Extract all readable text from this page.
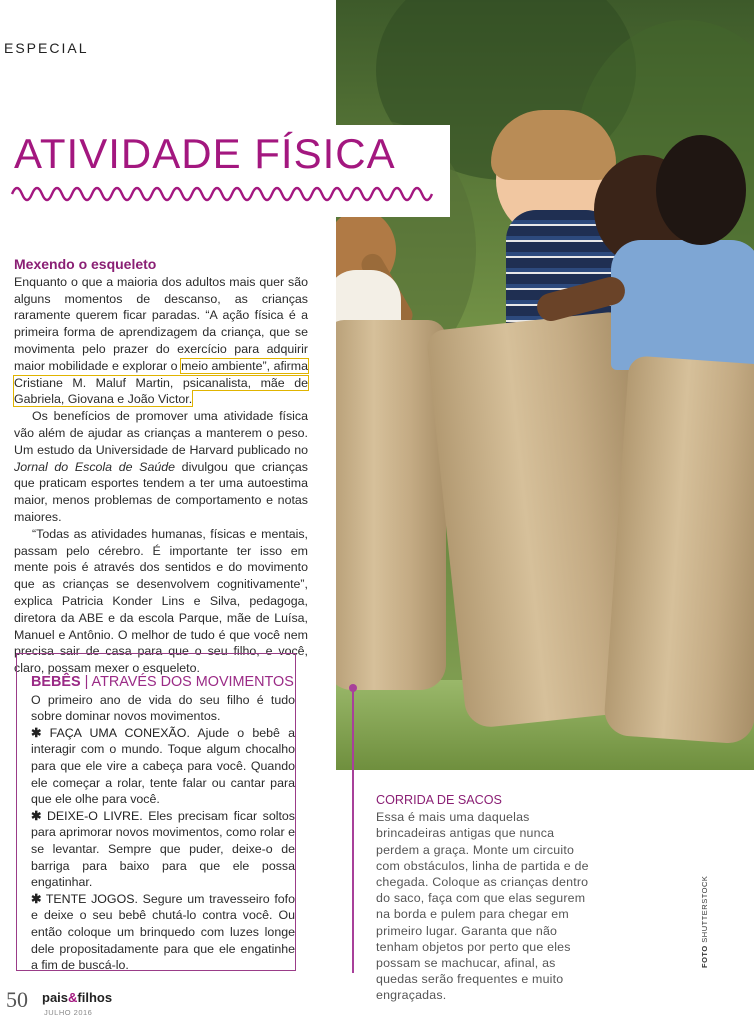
ESPECIAL
ATIVIDADE FÍSICA
Mexendo o esqueleto

Enquanto o que a maioria dos adultos mais quer são alguns momentos de descanso, as crianças raramente querem ficar paradas. “A ação física é a primeira forma de aprendizagem da criança, que se movimenta pelo prazer do exercício para adquirir maior mobilidade e explorar o meio ambiente”, afirma Cristiane M. Maluf Martin, psicanalista, mãe de Gabriela, Giovana e João Victor.

Os benefícios de promover uma atividade física vão além de ajudar as crianças a manterem o peso. Um estudo da Universidade de Harvard publicado no Jornal do Escola de Saúde divulgou que crianças que praticam esportes tendem a ter uma autoestima maior, menos problemas de comportamento e notas maiores.

“Todas as atividades humanas, físicas e mentais, passam pelo cérebro. É importante ter isso em mente pois é através dos sentidos e do movimento que as crianças se desenvolvem cognitivamente”, explica Patricia Konder Lins e Silva, pedagoga, diretora da ABE e da escola Parque, mãe de Luísa, Manuel e Antônio. O melhor de tudo é que você nem precisa sair de casa para que o seu filho, e você, claro, possam mexer o esqueleto.

BEBÊS | ATRAVÉS DOS MOVIMENTOS

O primeiro ano de vida do seu filho é tudo sobre dominar novos movimentos.

✱ FAÇA UMA CONEXÃO. Ajude o bebê a interagir com o mundo. Toque algum chocalho para que ele vire a cabeça para você. Quando ele começar a rolar, tente falar ou cantar para que ele olhe para você.

✱ DEIXE-O LIVRE. Eles precisam ficar soltos para aprimorar novos movimentos, como rolar e se levantar. Sempre que puder, deixe-o de barriga para baixo para que ele possa engatinhar.

✱ TENTE JOGOS. Segure um travesseiro fofo e deixe o seu bebê chutá-lo contra você. Ou então coloque um brinquedo com luzes longe dele propositadamente para que ele engatinhe a fim de buscá-lo.

CORRIDA DE SACOS

Essa é mais uma daquelas brincadeiras antigas que nunca perdem a graça. Monte um circuito com obstáculos, linha de partida e de chegada. Coloque as crianças dentro do saco, faça com que elas segurem na borda e pulem para chegar em primeiro lugar. Garanta que não tenham objetos por perto que eles possam se machucar, afinal, as quedas serão frequentes e muito engraçadas.

FOTO SHUTTERSTOCK
50 pais&filhos
JULHO 2016
